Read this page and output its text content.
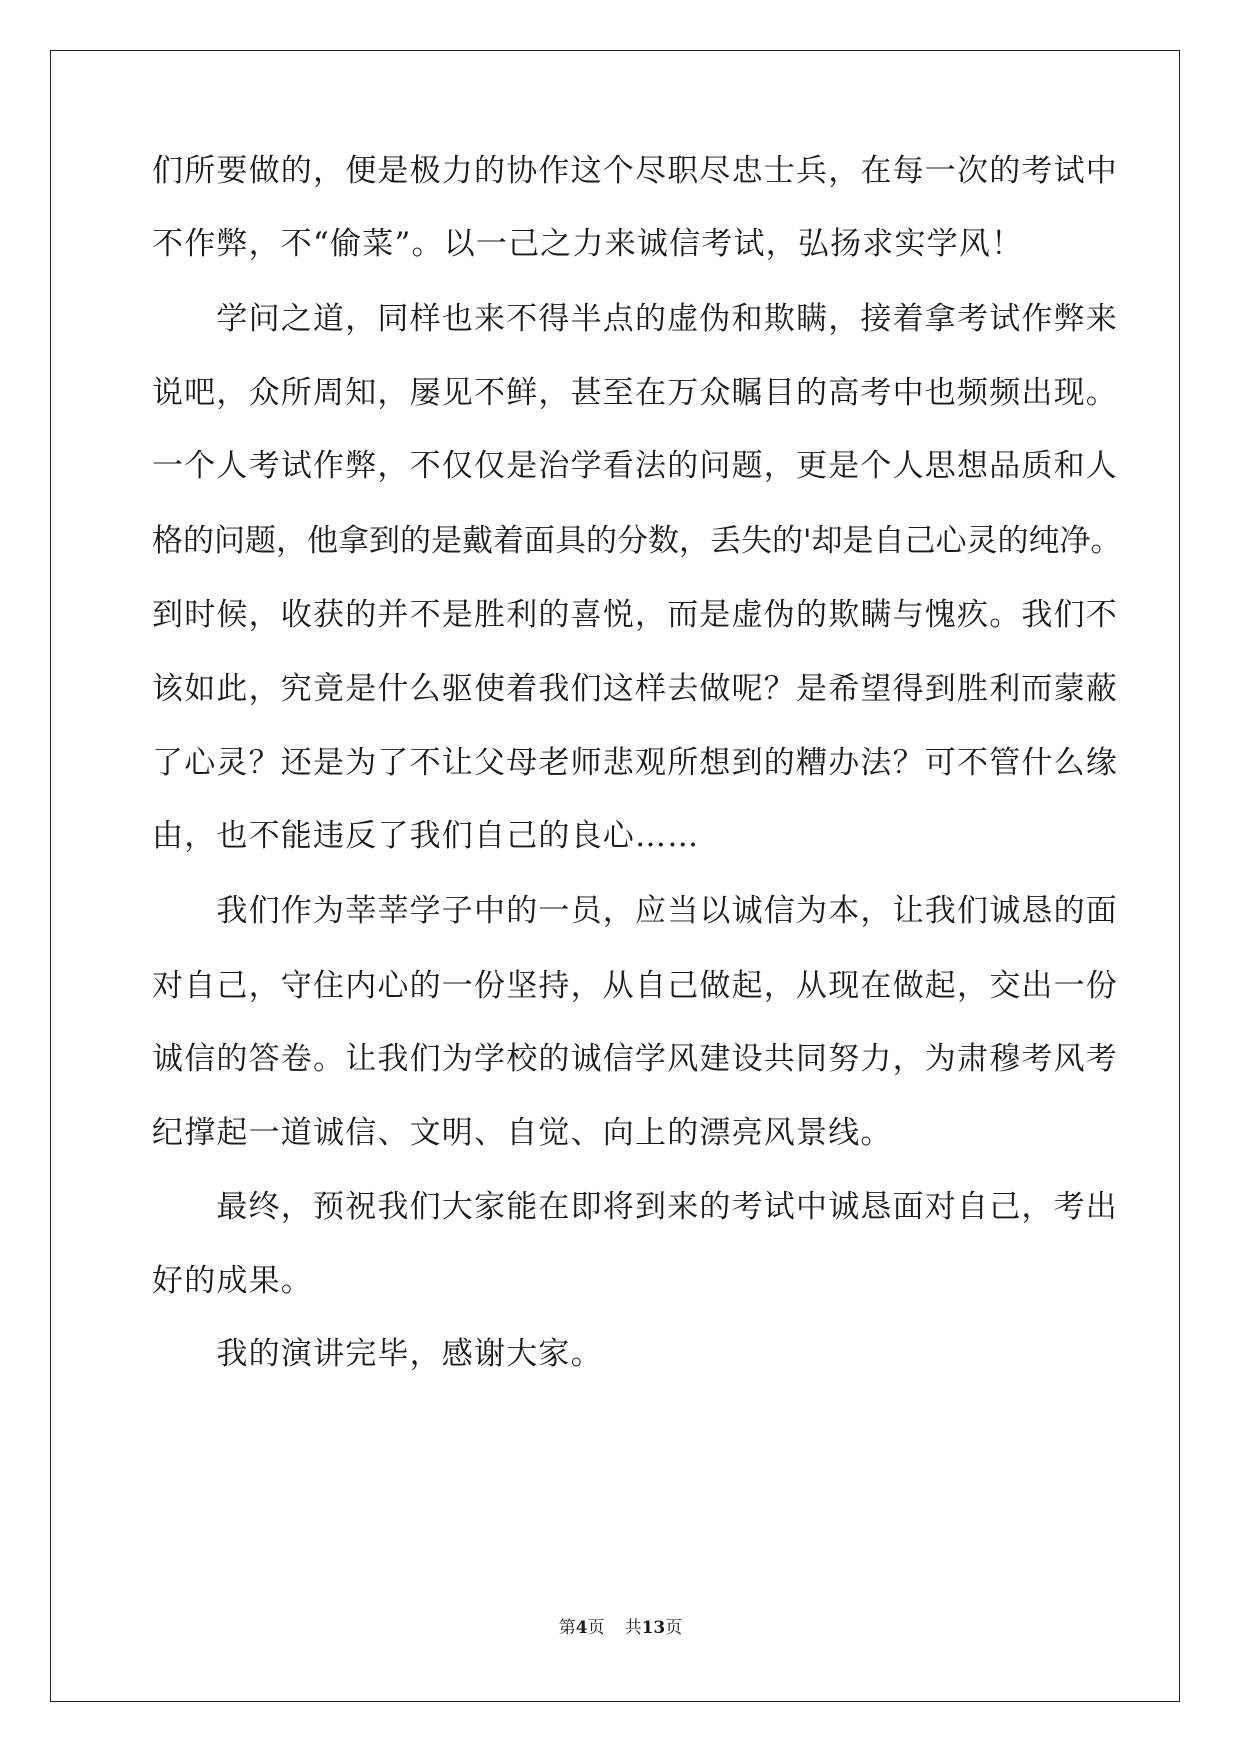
们所要做的，便是极力的协作这个尽职尽忠士兵，在每一次的考试中
不作弊，不“偷菜”。以一己之力来诚信考试，弘扬求实学风！
　　学问之道，同样也来不得半点的虚伪和欺瞒，接着拿考试作弊来
说吧，众所周知，屡见不鲜，甚至在万众瞩目的高考中也频频出现。
一个人考试作弊，不仅仅是治学看法的问题，更是个人思想品质和人
格的问题，他拿到的是戴着面具的分数，丢失的'却是自己心灵的纯净。
到时候，收获的并不是胜利的喜悦，而是虚伪的欺瞒与愧疚。我们不
该如此，究竟是什么驱使着我们这样去做呢？是希望得到胜利而蒙蔽
了心灵？还是为了不让父母老师悲观所想到的糟办法？可不管什么缘
由，也不能违反了我们自己的良心……
　　我们作为莘莘学子中的一员，应当以诚信为本，让我们诚恳的面
对自己，守住内心的一份坚持，从自己做起，从现在做起，交出一份
诚信的答卷。让我们为学校的诚信学风建设共同努力，为肃穆考风考
纪撑起一道诚信、文明、自觉、向上的漂亮风景线。
　　最终，预祝我们大家能在即将到来的考试中诚恳面对自己，考出
好的成果。
　　我的演讲完毕，感谢大家。
第4页 共13页
